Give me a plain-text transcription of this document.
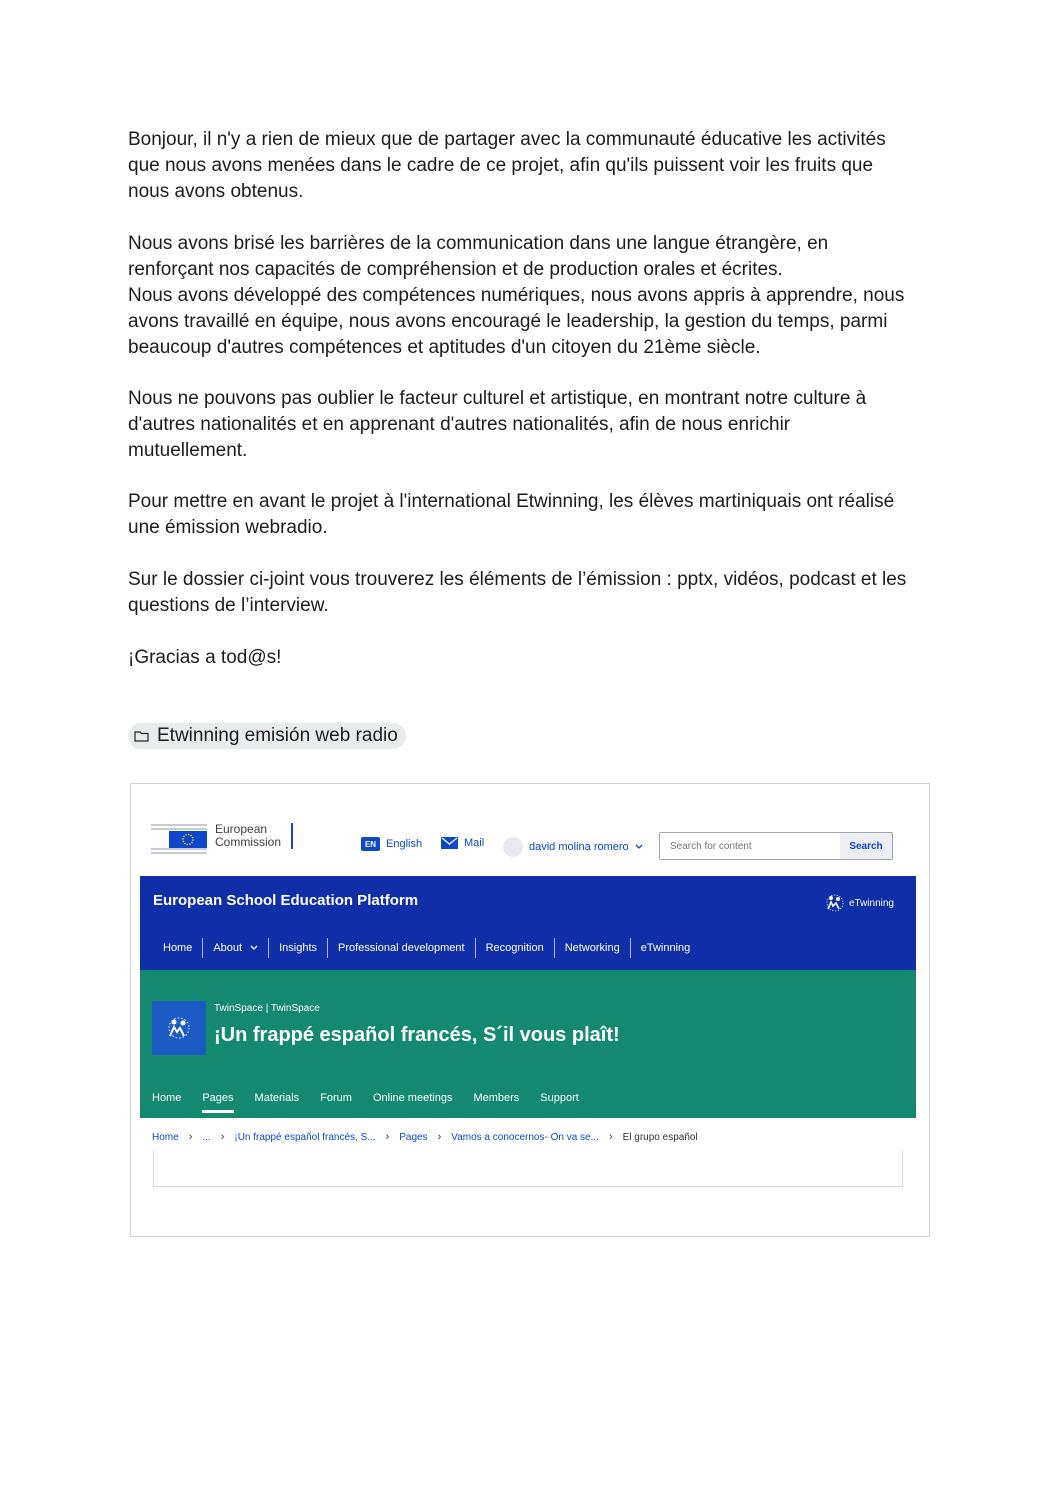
Bonjour, il n'y a rien de mieux que de partager avec la communauté éducative les activités
que nous avons menées dans le cadre de ce projet, afin qu'ils puissent voir les fruits que
nous avons obtenus.
Nous avons brisé les barrières de la communication dans une langue étrangère, en
renforçant nos capacités de compréhension et de production orales et écrites.
Nous avons développé des compétences numériques, nous avons appris à apprendre, nous
avons travaillé en équipe, nous avons encouragé le leadership, la gestion du temps, parmi
beaucoup d'autres compétences et aptitudes d'un citoyen du 21ème siècle.
Nous ne pouvons pas oublier le facteur culturel et artistique, en montrant notre culture à
d'autres nationalités et en apprenant d'autres nationalités, afin de nous enrichir
mutuellement.
Pour mettre en avant le projet à l'international Etwinning, les élèves martiniquais ont réalisé
une émission webradio.
Sur le dossier ci-joint vous trouverez les éléments de l’émission : pptx, vidéos, podcast et les
questions de l’interview.
¡Gracias a tod@s!
Etwinning emisión web radio
European
Commission	EN English	Mail	david molina romero
Search for content	Search
European School Education Platform	eTwinning
Home	About	Insights	Professional development	Recognition	Networking	eTwinning
TwinSpace | TwinSpace
¡Un frappé español francés, S´il vous plaît!
Home Pages Materials Forum Online meetings Members Support
Home › ... › ¡Un frappé español francés, S... › Pages › Vamos a conocernos- On va se... › El grupo español
